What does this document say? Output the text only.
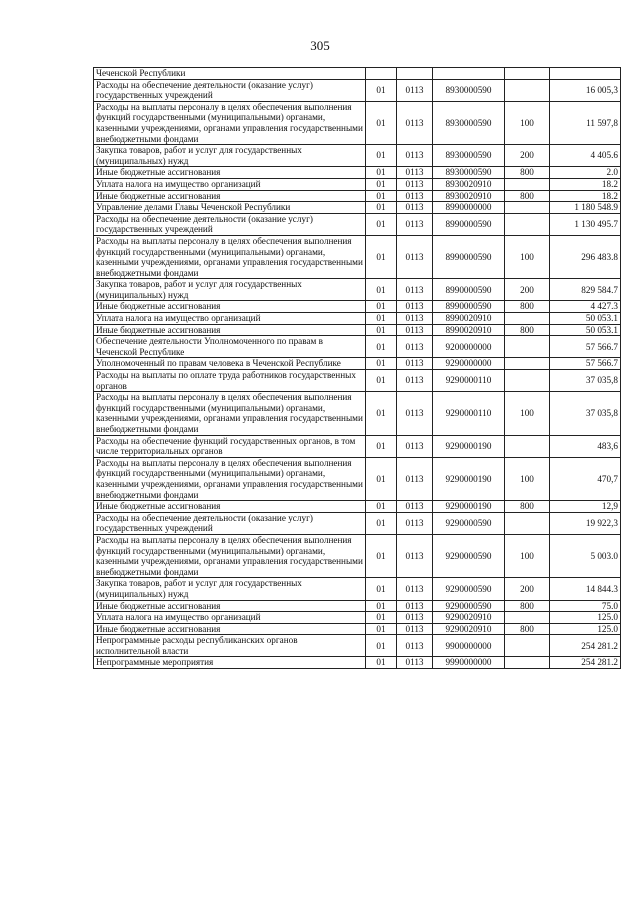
305
Чеченской Республики					
Расходы на обеспечение деятельности (оказание услуг) государственных учреждений	01	0113	8930000590		16 005,3
Расходы на выплаты персоналу в целях обеспечения выполнения функций государственными (муниципальными) органами, казенными учреждениями, органами управления государственными внебюджетными фондами	01	0113	8930000590	100	11 597,8
Закупка товаров, работ и услуг для государственных (муниципальных) нужд	01	0113	8930000590	200	4 405.6
Иные бюджетные ассигнования	01	0113	8930000590	800	2.0
Уплата налога на имущество организаций	01	0113	8930020910		18.2
Иные бюджетные ассигнования	01	0113	8930020910	800	18.2
Управление делами Главы Чеченской Республики	01	0113	8990000000		1 180 548.9
Расходы на обеспечение деятельности (оказание услуг) государственных учреждений	01	0113	8990000590		1 130 495.7
Расходы на выплаты персоналу в целях обеспечения выполнения функций государственными (муниципальными) органами, казенными учреждениями, органами управления государственными внебюджетными фондами	01	0113	8990000590	100	296 483.8
Закупка товаров, работ и услуг для государственных (муниципальных) нужд	01	0113	8990000590	200	829 584.7
Иные бюджетные ассигнования	01	0113	8990000590	800	4 427.3
Уплата налога на имущество организаций	01	0113	8990020910		50 053.1
Иные бюджетные ассигнования	01	0113	8990020910	800	50 053.1
Обеспечение деятельности Уполномоченного по правам в Чеченской Республике	01	0113	9200000000		57 566.7
Уполномоченный по правам человека в Чеченской Республике	01	0113	9290000000		57 566.7
Расходы на выплаты по оплате труда работников государственных органов	01	0113	9290000110		37 035,8
Расходы на выплаты персоналу в целях обеспечения выполнения функций государственными (муниципальными) органами, казенными учреждениями, органами управления государственными внебюджетными фондами	01	0113	9290000110	100	37 035,8
Расходы на обеспечение функций государственных органов, в том числе территориальных органов	01	0113	9290000190		483,6
Расходы на выплаты персоналу в целях обеспечения выполнения функций государственными (муниципальными) органами, казенными учреждениями, органами управления государственными внебюджетными фондами	01	0113	9290000190	100	470,7
Иные бюджетные ассигнования	01	0113	9290000190	800	12,9
Расходы на обеспечение деятельности (оказание услуг) государственных учреждений	01	0113	9290000590		19 922,3
Расходы на выплаты персоналу в целях обеспечения выполнения функций государственными (муниципальными) органами, казенными учреждениями, органами управления государственными внебюджетными фондами	01	0113	9290000590	100	5 003.0
Закупка товаров, работ и услуг для государственных (муниципальных) нужд	01	0113	9290000590	200	14 844.3
Иные бюджетные ассигнования	01	0113	9290000590	800	75.0
Уплата налога на имущество организаций	01	0113	9290020910		125.0
Иные бюджетные ассигнования	01	0113	9290020910	800	125.0
Непрограммные расходы республиканских органов исполнительной власти	01	0113	9900000000		254 281.2
Непрограммные мероприятия	01	0113	9990000000		254 281.2
